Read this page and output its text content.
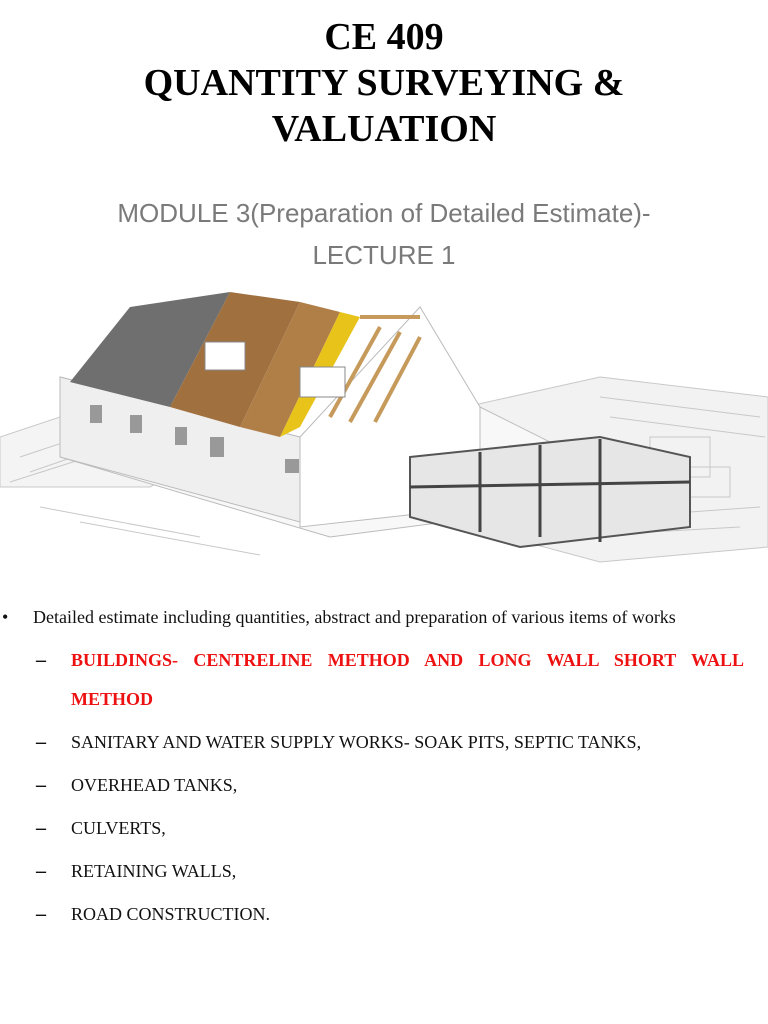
CE 409
QUANTITY SURVEYING &
VALUATION
MODULE 3(Preparation of Detailed Estimate)-
LECTURE 1
• Detailed estimate including quantities, abstract and preparation of various items of works
– BUILDINGS- CENTRELINE METHOD AND LONG WALL SHORT WALL METHOD
– SANITARY AND WATER SUPPLY WORKS- SOAK PITS, SEPTIC TANKS,
– OVERHEAD TANKS,
– CULVERTS,
– RETAINING WALLS,
– ROAD CONSTRUCTION.
